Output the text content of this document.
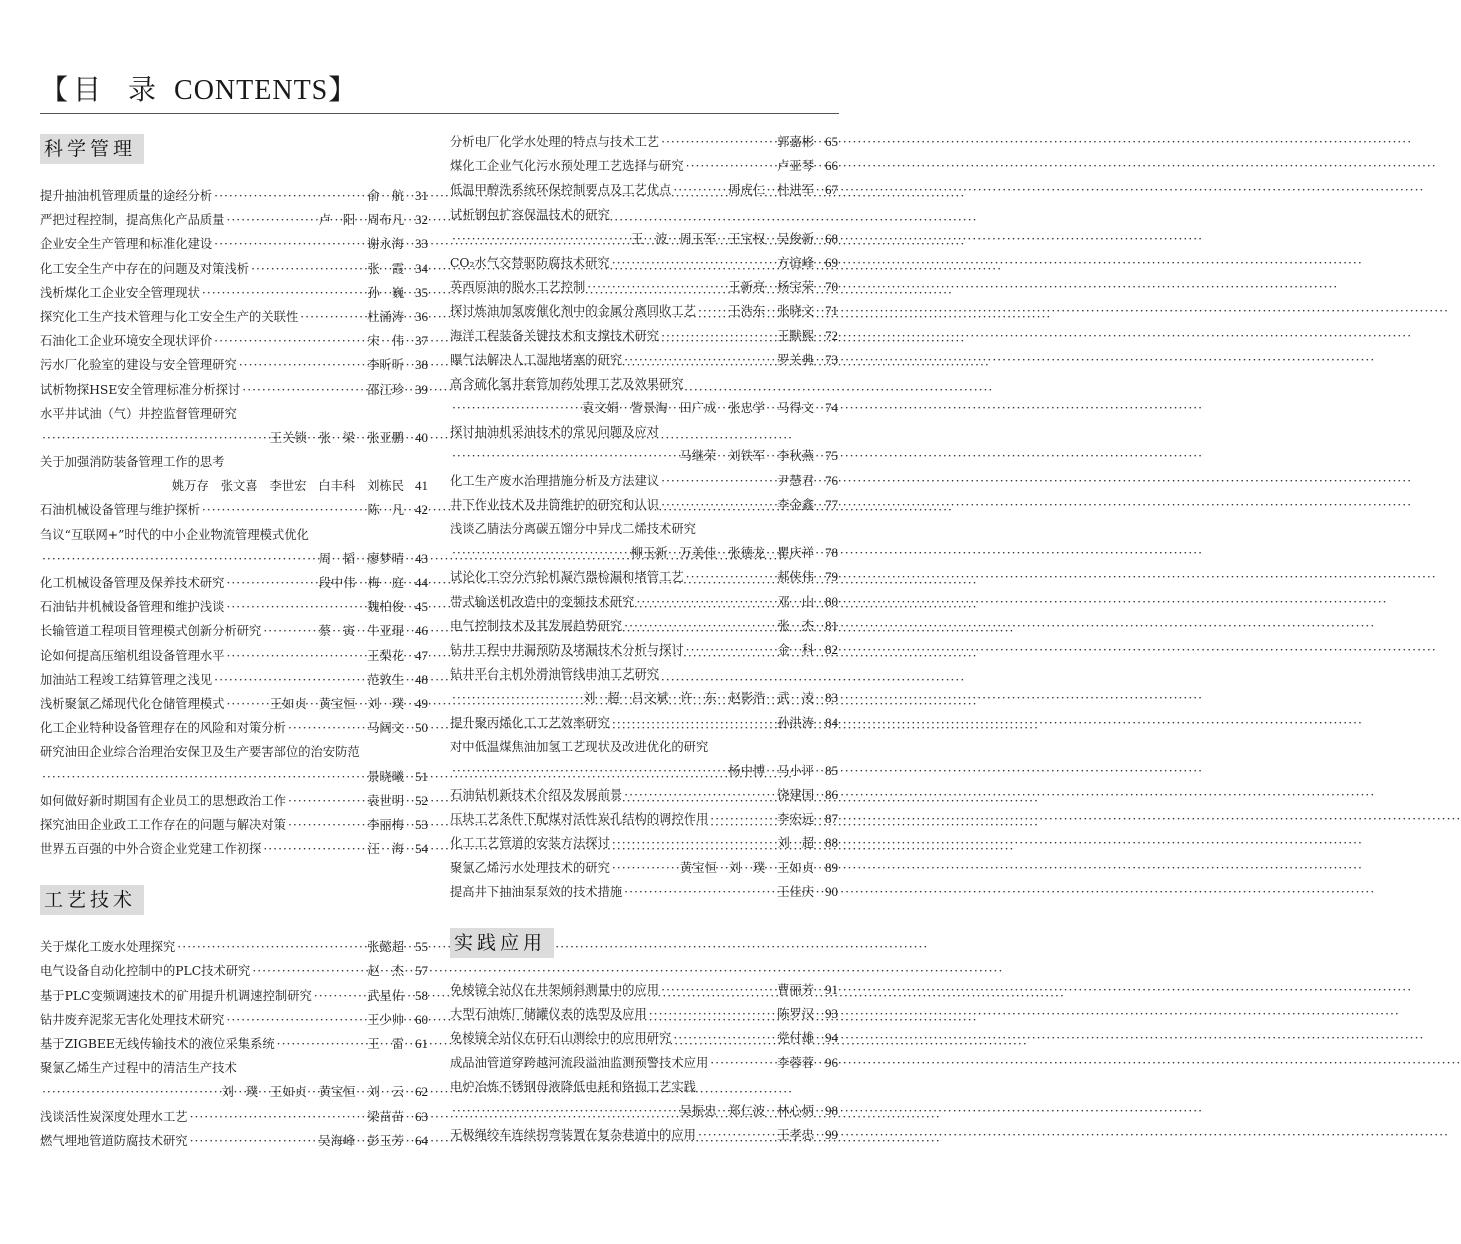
【 目 录 CONTENTS】
科学管理
提升抽油机管理质量的途经分析 ·····	俞 航 31
严把过程控制，提高焦化产品质量 ·····	卢 阳 周布凡 32
企业安全生产管理和标准化建设 ·····	谢永海 33
化工安全生产中存在的问题及对策浅析 ·····	张 霞 34
浅析煤化工企业安全管理现状 ·····	孙 巍 35
探究化工生产技术管理与化工安全生产的关联性 ·····	杜涌涛 36
石油化工企业环境安全现状评价 ·····	宋 伟 37
污水厂化验室的建设与安全管理研究 ·····	李昕昕 38
试析物探HSE安全管理标准分析探讨 ·····	邵江珍 39
水平井试油（气）井控监督管理研究
·····
王关锁 张 梁 张亚鹏 40
关于加强消防装备管理工作的思考
姚万存 张文喜 李世宏 白丰科 刘栋民 41
石油机械设备管理与维护探析 ·····	陈 凡 42
刍议“互联网+”时代的中小企业物流管理模式优化
·····
周 韬 廖梦晴 43
化工机械设备管理及保养技术研究 ·····	段中伟 梅 庭 44
石油钻井机械设备管理和维护浅谈 ·····	魏柏俊 45
长输管道工程项目管理模式创新分析研究 ·····	蔡 寅 牛亚琨 46
论如何提高压缩机组设备管理水平 ·····	王梨花 47
加油站工程竣工结算管理之浅见 ·····	范敦生 48
浅析聚氯乙烯现代化仓储管理模式 ·····	王如贞 黄宝恒 刘 璞 49
化工企业特种设备管理存在的风险和对策分析 ·····	马阔文 50
研究油田企业综合治理治安保卫及生产要害部位的治安防范
·····
景晓曦 51
如何做好新时期国有企业员工的思想政治工作 ·····	袁世明 52
探究油田企业政工工作存在的问题与解决对策 ·····	李丽梅 53
世界五百强的中外合资企业党建工作初探 ·····	汪 海 54
工艺技术
关于煤化工废水处理探究 ·····	张懿超 55
电气设备自动化控制中的PLC技术研究 ·····	赵 杰 57
基于PLC变频调速技术的矿用提升机调速控制研究 ·····	武星佑 58
钻井废弃泥浆无害化处理技术研究 ·····	王少帅 60
基于ZIGBEE无线传输技术的液位采集系统 ·····	王 雷 61
聚氯乙烯生产过程中的清洁生产技术
·····
刘 璞 王如贞 黄宝恒 刘 云 62
浅谈活性炭深度处理水工艺 ·····	梁苗苗 63
燃气埋地管道防腐技术研究 ·····	吴海峰 彭玉芳 64
分析电厂化学水处理的特点与技术工艺 ·····	郭嘉彬 65
煤化工企业气化污水预处理工艺选择与研究 ·····	卢亚琴 66
低温甲醇洗系统环保控制要点及工艺优点 ·····	周虎仁 杜进军 67
试析钢包扩容保温技术的研究
·····
王 波 周玉军 王宝权 吴俊新 68
CO₂水气交替驱防腐技术研究 ·····	方谊峰 69
英西原油的脱水工艺控制 ·····	王新亮 杨宝荣 70
探讨炼油加氢废催化剂中的金属分离回收工艺 ·····	王浩东 张晓文 71
海洋工程装备关键技术和支撑技术研究 ·····	王默熙 72
曝气法解决人工湿地堵塞的研究 ·····	罗关典 73
高含硫化氢井套管加药处理工艺及效果研究
·····
袁文娟 訾景淘 田广成 张忠学 马得文 74
探讨抽油机采油技术的常见问题及应对
·····
马继荣 刘铁军 李秋燕 75
化工生产废水治理措施分析及方法建议 ·····	尹慧君 76
井下作业技术及井筒维护的研究和认识 ·····	李金鑫 77
浅谈乙腈法分离碳五馏分中异戊二烯技术研究
·····
柳玉新 万美佳 张德龙 瞿庆祥 78
试论化工空分汽轮机凝汽器检漏和堵管工艺 ·····	郝侠伟 79
带式输送机改造中的变频技术研究 ·····	邓 山 80
电气控制技术及其发展趋势研究 ·····	张 杰 81
钻井工程中井漏预防及堵漏技术分析与探讨 ·····	金 科 82
钻井平台主机外滑油管线串油工艺研究
·····
刘 超 吕文斌 许 东 赵影浩 武 凌 83
提升聚丙烯化工工艺效率研究 ·····	孙洪涛 84
对中低温煤焦油加氢工艺现状及改进优化的研究
·····
杨中博 马小评 85
石油钻机新技术介绍及发展前景 ·····	饶建国 86
压块工艺条件下配煤对活性炭孔结构的调控作用 ·····	李宏远 87
化工工艺管道的安装方法探讨 ·····	刘 超 88
聚氯乙烯污水处理技术的研究 ·····	黄宝恒 刘 璞 王如贞 89
提高井下抽油泵泵效的技术措施 ·····	王佳庆 90
实践应用
免棱镜全站仪在井架倾斜测量中的应用 ·····	曹丽芳 91
大型石油炼厂储罐仪表的选型及应用 ·····	陈罗汉 93
免棱镜全站仪在矸石山测绘中的应用研究 ·····	党付雄 94
成品油管道穿跨越河流段溢油监测预警技术应用 ·····	李蓉蓉 96
电炉冶炼不锈钢母液降低电耗和铬损工艺实践
·····
吴振忠 郑仁波 林心炳 98
无极绳绞车连续拐弯装置在复杂巷道中的应用 ·····	王孝忠 99
